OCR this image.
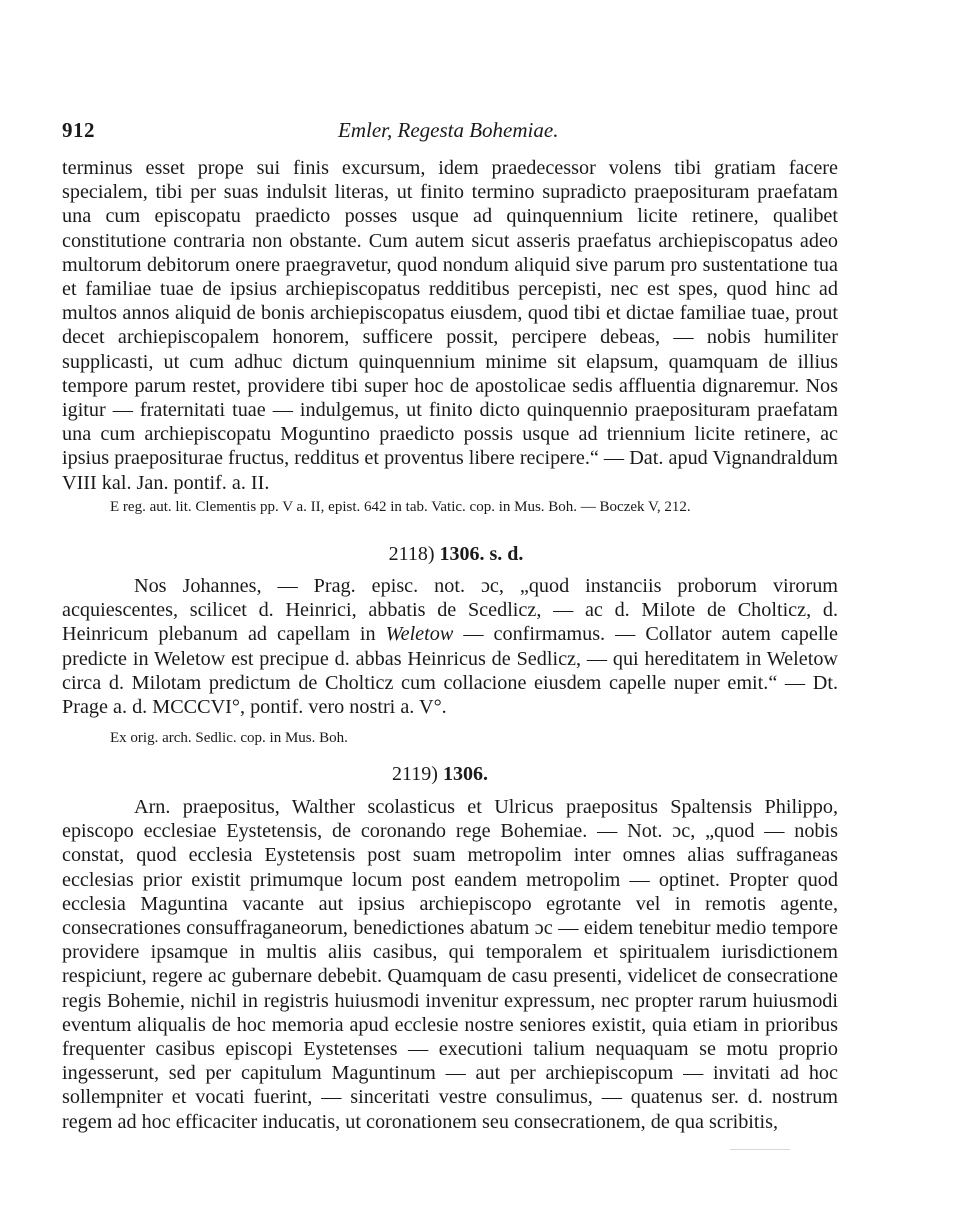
912	Emler, Regesta Bohemiae.

terminus esset prope sui finis excursum, idem praedecessor volens tibi gratiam facere specialem, tibi per suas indulsit literas, ut finito termino supradicto praeposituram praefatam una cum episcopatu praedicto posses usque ad quinquennium licite retinere, qualibet constitutione contraria non obstante. Cum autem sicut asseris praefatus archiepiscopatus adeo multorum debitorum onere praegravetur, quod nondum aliquid sive parum pro sustentatione tua et familiae tuae de ipsius archiepiscopatus redditibus percepisti, nec est spes, quod hinc ad multos annos aliquid de bonis archiepiscopatus eiusdem, quod tibi et dictae familiae tuae, prout decet archiepiscopalem honorem, sufficere possit, percipere debeas, — nobis humiliter supplicasti, ut cum adhuc dictum quinquennium minime sit elapsum, quamquam de illius tempore parum restet, providere tibi super hoc de apostolicae sedis affluentia dignaremur. Nos igitur — fraternitati tuae — indulgemus, ut finito dicto quinquennio praeposituram praefatam una cum archiepiscopatu Moguntino praedicto possis usque ad triennium licite retinere, ac ipsius praepositurae fructus, redditus et proventus libere recipere.“ — Dat. apud Vignandraldum VIII kal. Jan. pontif. a. II.

E reg. aut. lit. Clementis pp. V a. II, epist. 642 in tab. Vatic. cop. in Mus. Boh. — Boczek V, 212.

2118) 1306. s. d.

Nos Johannes, — Prag. episc. not. ɔc, „quod instanciis proborum virorum acquiescentes, scilicet d. Heinrici, abbatis de Scedlicz, — ac d. Milote de Cholticz, d. Heinricum plebanum ad capellam in Weletow — confirmamus. — Collator autem capelle predicte in Weletow est precipue d. abbas Heinricus de Sedlicz, — qui hereditatem in Weletow circa d. Milotam predictum de Cholticz cum collacione eiusdem capelle nuper emit.“ — Dt. Prage a. d. MCCCVI°, pontif. vero nostri a. V°.

Ex orig. arch. Sedlic. cop. in Mus. Boh.

2119) 1306.

Arn. praepositus, Walther scolasticus et Ulricus praepositus Spaltensis Philippo, episcopo ecclesiae Eystetensis, de coronando rege Bohemiae. — Not. ɔc, „quod — nobis constat, quod ecclesia Eystetensis post suam metropolim inter omnes alias suffraganeas ecclesias prior existit primumque locum post eandem metropolim — optinet. Propter quod ecclesia Maguntina vacante aut ipsius archiepiscopo egrotante vel in remotis agente, consecrationes consuffraganeorum, benedictiones abatum ɔc — eidem tenebitur medio tempore providere ipsamque in multis aliis casibus, qui temporalem et spiritualem iurisdictionem respiciunt, regere ac gubernare debebit. Quamquam de casu presenti, videlicet de consecratione regis Bohemie, nichil in registris huiusmodi invenitur expressum, nec propter rarum huiusmodi eventum aliqualis de hoc memoria apud ecclesie nostre seniores existit, quia etiam in prioribus frequenter casibus episcopi Eystetenses — executioni talium nequaquam se motu proprio ingesserunt, sed per capitulum Maguntinum — aut per archiepiscopum — invitati ad hoc sollempniter et vocati fuerint, — sinceritati vestre consulimus, — quatenus ser. d. nostrum regem ad hoc efficaciter inducatis, ut coronationem seu consecrationem, de qua scribitis,
